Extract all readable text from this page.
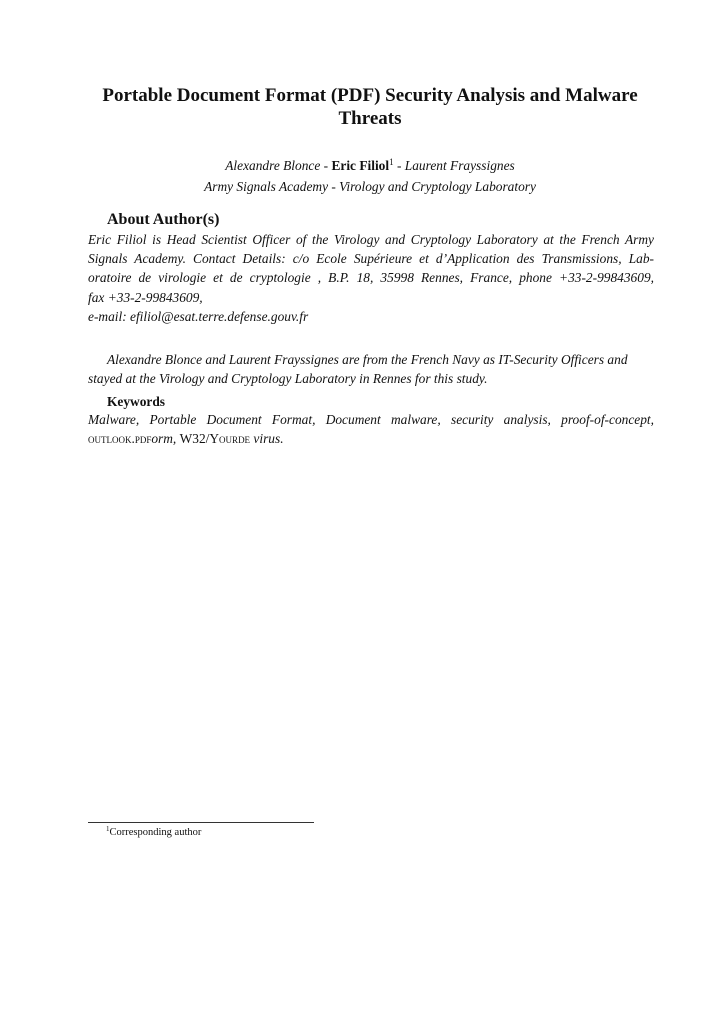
Portable Document Format (PDF) Security Analysis and Malware Threats
Alexandre Blonce - Eric Filiol$^1$ - Laurent Frayssignes
Army Signals Academy - Virology and Cryptology Laboratory
About Author(s)
Eric Filiol is Head Scientist Officer of the Virology and Cryptology Laboratory at the French Army
Signals Academy. Contact Details: c/o Ecole Supérieure et d’Application des Transmissions, Lab-
oratoire de virologie et de cryptologie , B.P. 18, 35998 Rennes, France, phone +33-2-99843609,
fax +33-2-99843609,
e-mail: efiliol@esat.terre.defense.gouv.fr
Alexandre Blonce and Laurent Frayssignes are from the French Navy as IT-Security Officers and stayed at the Virology and Cryptology Laboratory in Rennes for this study.
Keywords
Malware, Portable Document Format, Document malware, security analysis, proof-of-concept, outlook.pdform, W32/Yourde virus.
$^1$Corresponding author
